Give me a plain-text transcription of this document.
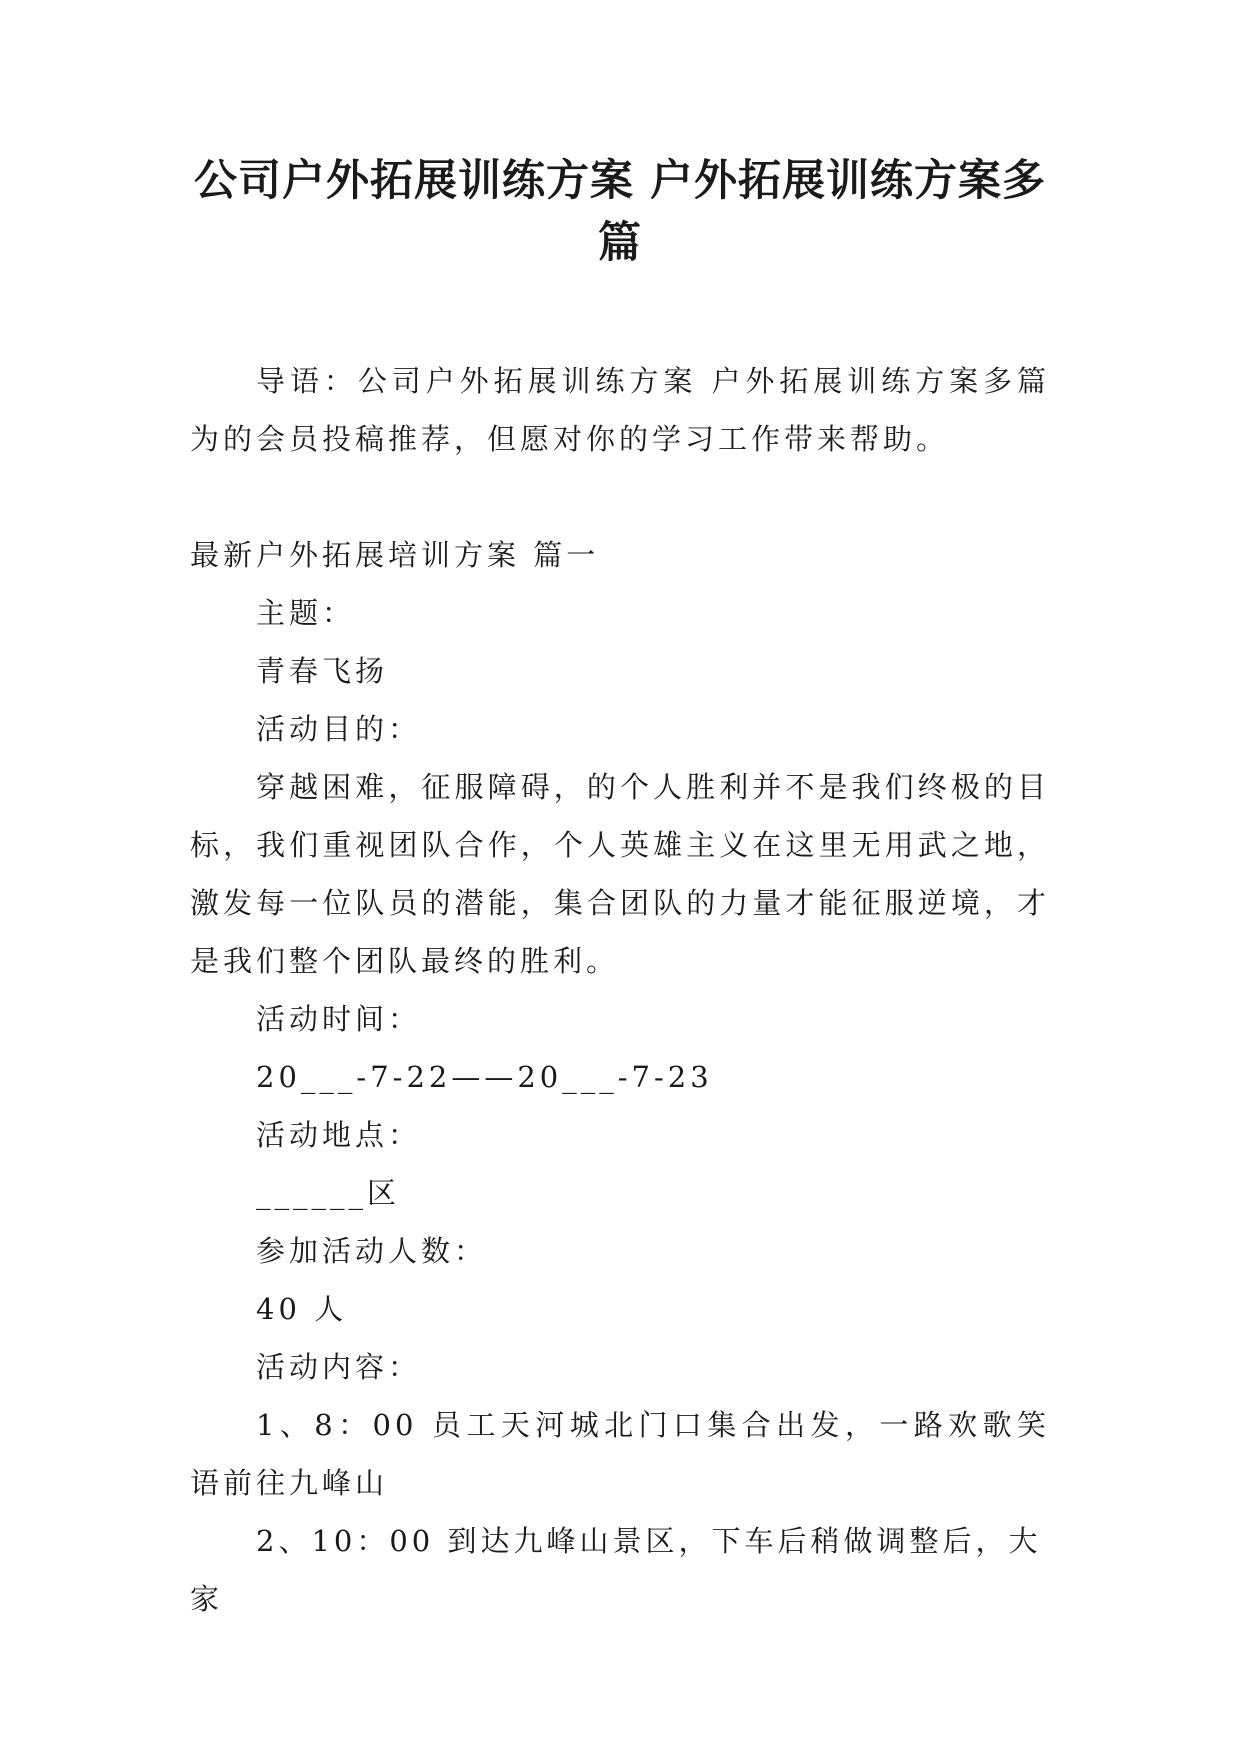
公司户外拓展训练方案 户外拓展训练方案多篇

导语：公司户外拓展训练方案 户外拓展训练方案多篇为的会员投稿推荐，但愿对你的学习工作带来帮助。

最新户外拓展培训方案 篇一

主题：

青春飞扬

活动目的：

穿越困难，征服障碍，的个人胜利并不是我们终极的目标，我们重视团队合作，个人英雄主义在这里无用武之地，激发每一位队员的潜能，集合团队的力量才能征服逆境，才是我们整个团队最终的胜利。

活动时间：

20___-7-22——20___-7-23

活动地点：

______区

参加活动人数：

40 人

活动内容：

1、8：00 员工天河城北门口集合出发，一路欢歌笑语前往九峰山

2、10：00 到达九峰山景区，下车后稍做调整后，大家
